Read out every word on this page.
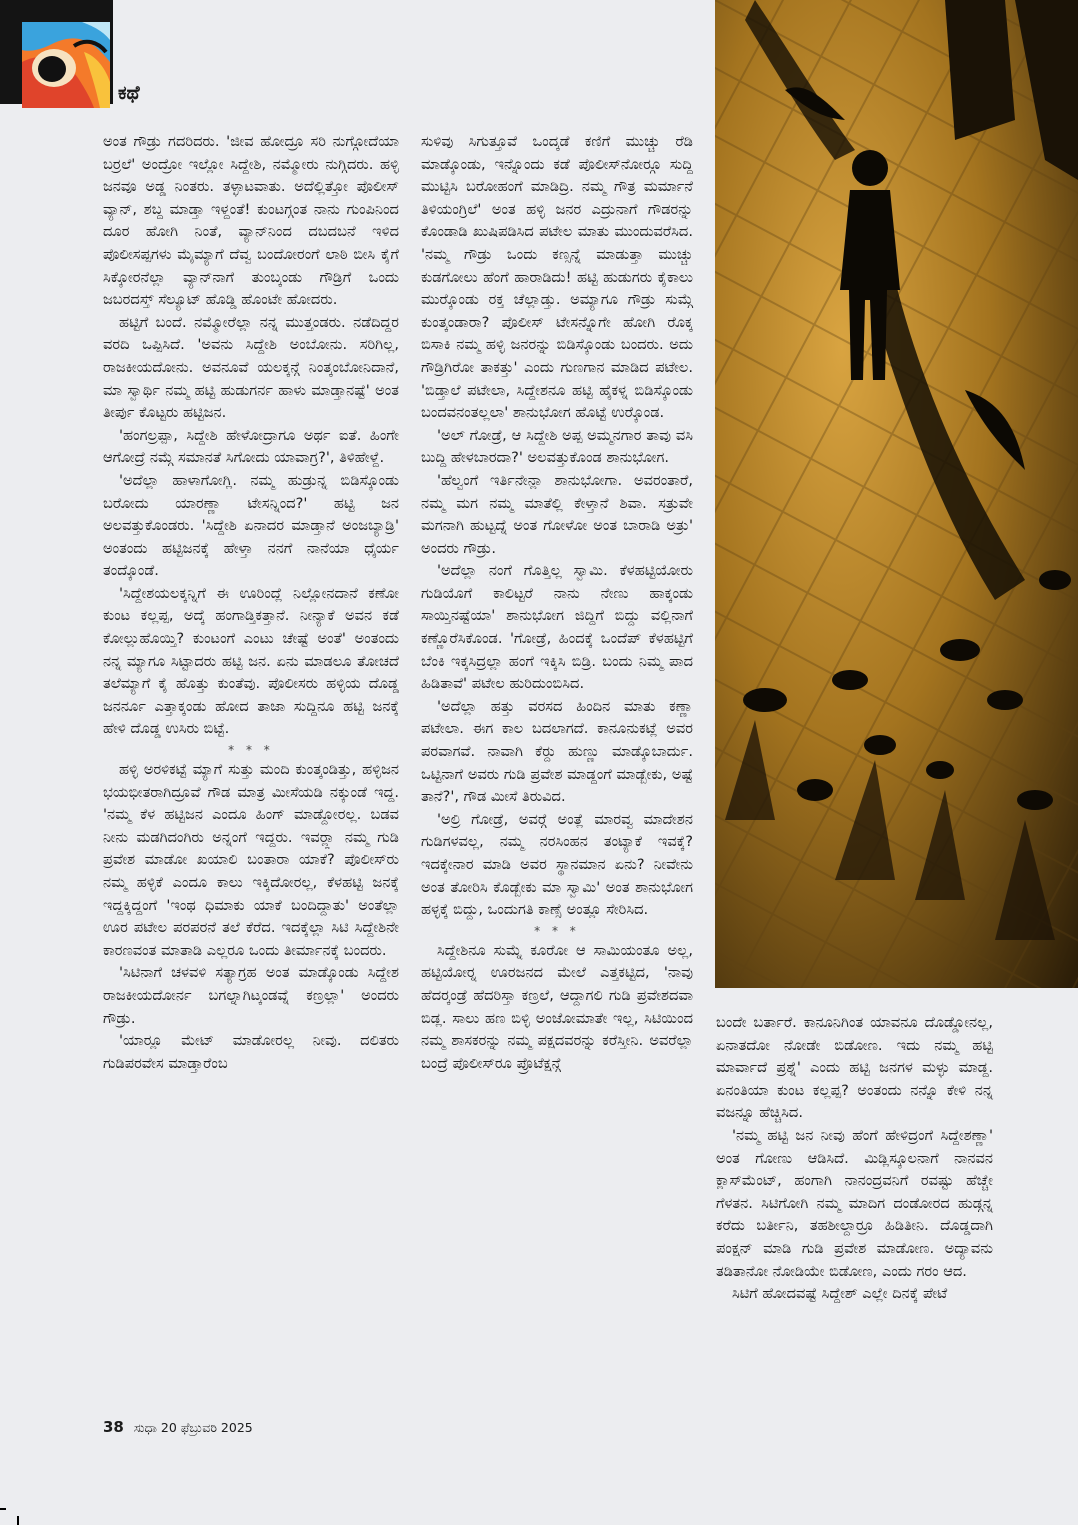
ಕಥೆ

ಅಂತ ಗೌಡ್ರು ಗದರಿದರು. 'ಜೀವ ಹೋದ್ರೂ ಸರಿ ನುಗ್ಗೋದೆಯಾ ಬರ್ರಲೆ' ಅಂದ್ರೋ ಇಲ್ಲೋ ಸಿದ್ದೇಶಿ, ನಮ್ಮೋರು ನುಗ್ಗಿದರು. ಹಳ್ಳಿ ಜನವೂ ಅಡ್ಡ ನಿಂತರು. ತಳ್ಳಾಟವಾತು. ಅದೆಲ್ಲಿತ್ತೋ ಪೊಲೀಸ್ ವ್ಯಾನ್, ಶಬ್ದ ಮಾಡ್ತಾ ಇಳ್ದಂತೆ! ಕುಂಟಗ್ಗಂತ ನಾನು ಗುಂಪಿನಿಂದ ದೂರ ಹೋಗಿ ನಿಂತೆ, ವ್ಯಾನ್‌ನಿಂದ ದಬದಬನೆ ಇಳಿದ ಪೊಲೀಸಪ್ಪಗಳು ಮೈಮ್ಯಾಗೆ ದೆವ್ವ ಬಂದೋರಂಗೆ ಲಾಠಿ ಬೀಸಿ ಕೈಗೆ ಸಿಕ್ಕೋರನೆಲ್ಲಾ ವ್ಯಾನ್‌ನಾಗೆ ತುಂಬ್ಕಂಡು ಗೌಡ್ರಿಗೆ ಒಂದು ಜಬರದಸ್ತ್ ಸೆಲ್ಯೂಟ್ ಹೊಡ್ಡಿ ಹೊಂಟೇ ಹೋದರು.

ಹಟ್ಟಿಗೆ ಬಂದೆ. ನಮ್ಮೋರೆಲ್ಲಾ ನನ್ನ ಮುತ್ತಂಡರು. ನಡೆದಿದ್ದರ ವರದಿ ಒಪ್ಪಿಸಿದೆ. 'ಅವನು ಸಿದ್ದೇಶಿ ಅಂಬೋನು. ಸರಿಗಿಲ್ಲ, ರಾಜಕೀಯದೋನು. ಅವನೂವೆ ಯಲಕ್ಕನ್ಗೆ ನಿಂತ್ಕಂಬೋನಿದಾನೆ, ಮಾ ಸ್ವಾರ್ಥಿ ನಮ್ಮ ಹಟ್ಟಿ ಹುಡುಗರ್ನ ಹಾಳು ಮಾಡ್ತಾನಷ್ಟೆ' ಅಂತ ತೀರ್ಪು ಕೊಟ್ಟರು ಹಟ್ಟಿಜನ.

'ಹಂಗಲ್ರಪ್ಪಾ, ಸಿದ್ದೇಶಿ ಹೇಳೋದ್ರಾಗೂ ಅರ್ಥ ಐತೆ. ಹಿಂಗೇ ಆಗೋದ್ರೆ ನಮ್ಗೆ ಸಮಾನತೆ ಸಿಗೋದು ಯಾವಾಗ್ರ?', ತಿಳಿಹೇಳ್ದೆ.

'ಅದೆಲ್ಲಾ ಹಾಳಾಗೋಗ್ಲಿ. ನಮ್ಮ ಹುಡ್ರುನ್ನ ಬಿಡಿಸ್ಕೊಂಡು ಬರೋದು ಯಾರಣ್ಣಾ ಟೇಸನ್ನಿಂದ?' ಹಟ್ಟಿ ಜನ ಅಲವತ್ತುಕೊಂಡರು. 'ಸಿದ್ದೇಶಿ ಏನಾದರ ಮಾಡ್ತಾನೆ ಅಂಜಬ್ಯಾಡ್ರಿ' ಅಂತಂದು ಹಟ್ಟಿಜನಕ್ಕೆ ಹೇಳ್ತಾ ನನಗೆ ನಾನೆಯಾ ಧೈರ್ಯ ತಂದ್ಕೊಂಡೆ.

'ಸಿದ್ದೇಶಯಲಕ್ಕನ್ನಿಗೆ ಈ ಊರಿಂದ್ಲೆ ನಿಲ್ಲೋನದಾನೆ ಕಣೋ ಕುಂಟ ಕಲ್ಲಪ್ಪ, ಅದ್ಕೆ ಹಂಗಾಡ್ತಿಕತ್ತಾನೆ. ನೀನ್ಯಾಕೆ ಅವನ ಕಡೆ ಕೋಲ್ಲುಹೊಯ್ತಿ? ಕುಂಟಂಗೆ ಎಂಟು ಚೇಷ್ಟೆ ಅಂತೆ' ಅಂತಂದು ನನ್ನ ಮ್ಯಾಗೂ ಸಿಟ್ಟಾದರು ಹಟ್ಟಿ ಜನ. ಏನು ಮಾಡಲೂ ತೋಚದೆ ತಲೆಮ್ಯಾಗೆ ಕೈ ಹೊತ್ತು ಕುಂತೆವು. ಪೊಲೀಸರು ಹಳ್ಳಿಯ ದೊಡ್ಡ ಜನರ್ನೂ ಎತ್ತಾಕ್ಕಂಡು ಹೋದ ತಾಜಾ ಸುದ್ದಿನೂ ಹಟ್ಟಿ ಜನಕ್ಕೆ ಹೇಳಿ ದೊಡ್ಡ ಉಸಿರು ಬಿಟ್ಟೆ.

* * *

ಹಳ್ಳಿ ಅರಳಿಕಟ್ಟೆ ಮ್ಯಾಗೆ ಸುತ್ತು ಮಂದಿ ಕುಂತ್ಕಂಡಿತ್ತು, ಹಳ್ಳಿಜನ ಭಯಭೀತರಾಗಿದ್ರೂವೆ ಗೌಡ ಮಾತ್ರ ಮೀಸೆಯಡಿ ನಕ್ಕುಂಡೆ ಇದ್ದ. 'ನಮ್ಮ ಕೆಳ ಹಟ್ಟಿಜನ ಎಂದೂ ಹಿಂಗ್ ಮಾಡ್ದೋರಲ್ಲ. ಬಡವ ನೀನು ಮಡಗಿದಂಗಿರು ಅನ್ನಂಗೆ ಇದ್ದರು. ಇವರ್‍ಲ್ಲಾ ನಮ್ಮ ಗುಡಿ ಪ್ರವೇಶ ಮಾಡೋ ಖಯಾಲಿ ಬಂತಾರಾ ಯಾಕೆ? ಪೊಲೀಸ್‌ರು ನಮ್ಮ ಹಳ್ಳಿಕೆ ಎಂದೂ ಕಾಲು ಇಕ್ಕಿದೋರಲ್ಲ, ಕೆಳಹಟ್ಟಿ ಜನಕ್ಕೆ ಇದ್ದಕ್ಕಿದ್ದಂಗೆ 'ಇಂಥ ಧಿಮಾಕು ಯಾಕೆ ಬಂದಿದ್ದಾತು' ಅಂತೆಲ್ಲಾ ಊರ ಪಟೇಲ ಪರಪರನೆ ತಲೆ ಕೆರೆದ. ಇದಕ್ಕೆಲ್ಲಾ ಸಿಟಿ ಸಿದ್ದೇಶಿನೇ ಕಾರಣವಂತ ಮಾತಾಡಿ ಎಲ್ಲರೂ ಒಂದು ತೀರ್ಮಾನಕ್ಕೆ ಬಂದರು.

'ಸಿಟಿನಾಗೆ ಚಳವಳಿ ಸತ್ಯಾಗ್ರಹ ಅಂತ ಮಾಡ್ಕೊಂಡು ಸಿದ್ದೇಶ ರಾಜಕೀಯದೋರ್ನ ಬಗಲ್ನಾಗಿಟ್ಕಂಡವ್ನೆ ಕಣ್ರಲ್ಲಾ' ಅಂದರು ಗೌಡ್ರು.

'ಯಾರ್‍ಲೂ ಮೇಟ್ ಮಾಡೋರಲ್ಲ ನೀವು. ದಲಿತರು ಗುಡಿಪರವೇಸ ಮಾಡ್ತಾರೆಂಬ

ಸುಳಿವು ಸಿಗುತ್ತೂವೆ ಒಂದ್ಕಡೆ ಕಣಿಗೆ ಮುಚ್ಚು ರೆಡಿ ಮಾಡ್ಕೊಂಡು, ಇನ್ನೊಂದು ಕಡೆ ಪೊಲೀಸ್‌ನೋರ್‍ಗೂ ಸುದ್ದಿ ಮುಟ್ಟಿಸಿ ಬರೋಹಂಗೆ ಮಾಡಿದ್ರಿ. ನಮ್ಮ ಗೌತ್ರ ಮರ್ಮಾನೆ ತಿಳಿಯಂಗ್ರಿಲೆ' ಅಂತ ಹಳ್ಳಿ ಜನರ ಎದ್ರುನಾಗೆ ಗೌಡರನ್ನು ಕೊಂಡಾಡಿ ಖುಷಿಪಡಿಸಿದ ಪಟೇಲ ಮಾತು ಮುಂದುವರೆಸಿದ. 'ನಮ್ಮ ಗೌಡ್ರು ಒಂದು ಕಣ್ಸನ್ನೆ ಮಾಡುತ್ತಾ ಮುಚ್ಚು ಕುಡಗೋಲು ಹೆಂಗೆ ಹಾರಾಡಿದು! ಹಟ್ಟಿ ಹುಡುಗರು ಕೈಕಾಲು ಮುರ್‍ಕೊಂಡು ರಕ್ತ ಚೆಲ್ಲಾಡ್ತು. ಅಮ್ಯಾಗೂ ಗೌಡ್ರು ಸುಮ್ಗೆ ಕುಂತ್ಕಂಡಾರಾ? ಪೊಲೀಸ್ ಟೇಸನ್ನೊಗೇ ಹೋಗಿ ರೊಕ್ಕ ಬಿಸಾಕಿ ನಮ್ಮ ಹಳ್ಳಿ ಜನರನ್ನು ಬಿಡಿಸ್ಕೊಂಡು ಬಂದರು. ಅದು ಗೌಡ್ರಿಗಿರೋ ತಾಕತ್ತು' ಎಂದು ಗುಣಗಾನ ಮಾಡಿದ ಪಟೇಲ. 'ಬಿಡ್ತಾಲೆ ಪಟೇಲಾ, ಸಿದ್ದೇಶನೂ ಹಟ್ಟಿ ಹೈಕಳ್ನ ಬಿಡಿಸ್ಕೊಂಡು ಬಂದವನಂತಲ್ಲಲಾ' ಶಾನುಭೋಗ ಹೊಟ್ಟೆ ಉರ್‍ಕೊಂಡ.

'ಅಲ್ ಗೋಡ್ರೆ, ಆ ಸಿದ್ದೇಶಿ ಅಪ್ಪ ಅಮ್ಮನಗಾರ ತಾವು ವಸಿ ಬುದ್ದಿ ಹೇಳಬಾರದಾ?' ಅಲವತ್ತುಕೊಂಡ ಶಾನುಭೋಗ.

'ಹೆಲ್ವಂಗೆ ಇರ್ತಿನೇನ್ಲಾ ಶಾನುಭೋಗಾ. ಅವರಂತಾರೆ, ನಮ್ಮ ಮಗ ನಮ್ಮ ಮಾತೆಲ್ಲಿ ಕೇಳ್ತಾನೆ ಶಿವಾ. ಸತ್ರುವೇ ಮಗನಾಗಿ ಹುಟ್ಟದ್ನೆ ಅಂತ ಗೋಳೋ ಅಂತ ಬಾರಾಡಿ ಅತ್ರು' ಅಂದರು ಗೌಡ್ರು.

'ಅದೆಲ್ಲಾ ನಂಗೆ ಗೊತ್ತಿಲ್ಲ ಸ್ವಾಮಿ. ಕೆಳಹಟ್ಟಿಯೋರು ಗುಡಿಯೊಗೆ ಕಾಲಿಟ್ಟರೆ ನಾನು ನೇಣು ಹಾಕ್ಕಂಡು ಸಾಯ್ತಿನಷ್ಟೆಯಾ' ಶಾನುಭೋಗ ಜಿದ್ದಿಗೆ ಬಿದ್ದು ವಲ್ಲಿನಾಗೆ ಕಣ್ಣೊರೆಸಿಕೊಂಡ. 'ಗೋಡ್ರೆ, ಹಿಂದಕ್ಕೆ ಒಂದೆಪ್ ಕೆಳಹಟ್ಟಿಗೆ ಬೆಂಕಿ ಇಕ್ಕಸಿದ್ರಲ್ಲಾ ಹಂಗೆ ಇಕ್ಕಿಸಿ ಬಿಡ್ರಿ. ಬಂದು ನಿಮ್ಮ ಪಾದ ಹಿಡಿತಾವೆ' ಪಟೇಲ ಹುರಿದುಂಬಿಸಿದ.

'ಅದೆಲ್ಲಾ ಹತ್ತು ವರಸದ ಹಿಂದಿನ ಮಾತು ಕಣ್ಣಾ ಪಟೇಲಾ. ಈಗ ಕಾಲ ಬದಲಾಗದೆ. ಕಾನೂನುಕಟ್ಲೆ ಅವರ ಪರವಾಗವೆ. ನಾವಾಗಿ ಕೆರ್‍ದು ಹುಣ್ಣು ಮಾಡ್ಕೊಬಾರ್ದು. ಒಟ್ಟಿನಾಗೆ ಅವರು ಗುಡಿ ಪ್ರವೇಶ ಮಾಡ್ದಂಗೆ ಮಾಡ್ಬೇಕು, ಅಷ್ಟೆ ತಾನೆ?', ಗೌಡ ಮೀಸೆ ತಿರುವಿದ.

'ಅಲ್ರಿ ಗೋಡ್ರೆ, ಅವರ್‍ಗೆ ಅಂತ್ಲೆ ಮಾರವ್ವ ಮಾದೇಶನ ಗುಡಿಗಳವಲ್ಲ, ನಮ್ಮ ನರಸಿಂಹನ ತಂಟ್ಯಾಕೆ ಇವಕ್ಕೆ? ಇದಕ್ಕೇನಾರ ಮಾಡಿ ಅವರ ಸ್ಥಾನಮಾನ ಏನು? ನೀವೇನು ಅಂತ ತೋರಿಸಿ ಕೊಡ್ಬೇಕು ಮಾ ಸ್ವಾಮಿ' ಅಂತ ಶಾನುಭೋಗ ಹಳ್ಳಕ್ಕೆ ಬಿದ್ದು, ಒಂದುಗತಿ ಕಾಣ್ಸೆ ಅಂತ್ಲೂ ಸೇರಿಸಿದ.

* * *

ಸಿದ್ದೇಶಿನೂ ಸುಮ್ನೆ ಕೂರೋ ಆ ಸಾಮಿಯಂತೂ ಅಲ್ಲ, ಹಟ್ಟಿಯೋರ್‍ನ ಊರಜನದ ಮೇಲೆ ಎತ್ತಕಟ್ಟಿದ, 'ನಾವು ಹೆದರ್‍ಕಂಡ್ರೆ ಹೆದರಿಸ್ತಾ ಕಣ್ರಲೆ, ಆದ್ದಾಗಲಿ ಗುಡಿ ಪ್ರವೇಶದವಾ ಬಿಡ್ಲ. ಸಾಲು ಹಣ ಬಿಳ್ಳಿ ಅಂಜೋಮಾತೇ ಇಲ್ಲ, ಸಿಟಿಯಿಂದ ನಮ್ಮ ಶಾಸಕರನ್ನು ನಮ್ಮ ಪಕ್ಷದವರನ್ನು ಕರೆಸ್ತೀನಿ. ಅವರೆಲ್ಲಾ ಬಂದ್ರೆ ಪೊಲೀಸ್‌ರೂ ಪ್ರೊಟೆಕ್ಷನ್ಗೆ

ಬಂದೇ ಬರ್ತಾರೆ. ಕಾನೂನಿಗಿಂತ ಯಾವನೂ ದೊಡ್ಡೋನಲ್ಲ, ಏನಾತದೋ ನೋಡೇ ಬಿಡೋಣ. ಇದು ನಮ್ಮ ಹಟ್ಟಿ ಮಾರ್ವಾದೆ ಪ್ರಶ್ನೆ' ಎಂದು ಹಟ್ಟಿ ಜನಗಳ ಮಳ್ಳು ಮಾಡ್ದ. ಏನಂತಿಯಾ ಕುಂಟ ಕಲ್ಲಪ್ಪ? ಅಂತಂದು ನನ್ನೊ ಕೇಳಿ ನನ್ನ ವಜನ್ನೂ ಹೆಚ್ಚಿಸಿದ.

'ನಮ್ಮ ಹಟ್ಟಿ ಜನ ನೀವು ಹೆಂಗೆ ಹೇಳಿದ್ರಂಗೆ ಸಿದ್ದೇಶಣ್ಣಾ' ಅಂತ ಗೋಣು ಆಡಿಸಿದೆ. ಮಿಡ್ಲಿಸ್ಕೂಲನಾಗೆ ನಾನವನ ಕ್ಲಾಸ್‌ಮೆಂಟ್, ಹಂಗಾಗಿ ನಾನಂದ್ರವನಿಗೆ ರವಷ್ಟು ಹೆಚ್ಚೇ ಗೆಳತನ. ಸಿಟಿಗೋಗಿ ನಮ್ಮ ಮಾದಿಗ ದಂಡೋರದ ಹುಡ್ಗನ್ನ ಕರೆದು ಬರ್ತೀನಿ, ತಹಶೀಲ್ದಾರ್‍ರೂ ಹಿಡಿತೀನಿ. ದೊಡ್ಡದಾಗಿ ಪಂಕ್ಷನ್ ಮಾಡಿ ಗುಡಿ ಪ್ರವೇಶ ಮಾಡೋಣ. ಅದ್ಯಾವನು ತಡಿತಾನೋ ನೋಡಿಯೇ ಬಿಡೋಣ, ಎಂದು ಗರಂ ಆದ.

ಸಿಟಿಗೆ ಹೋದವಷ್ಟೆ ಸಿದ್ದೇಶ್ ಎಲ್ಲೇ ದಿನಕ್ಕೆ ಪೇಟೆ

38 ಸುಧಾ 20 ಫೆಬ್ರುವರಿ 2025
